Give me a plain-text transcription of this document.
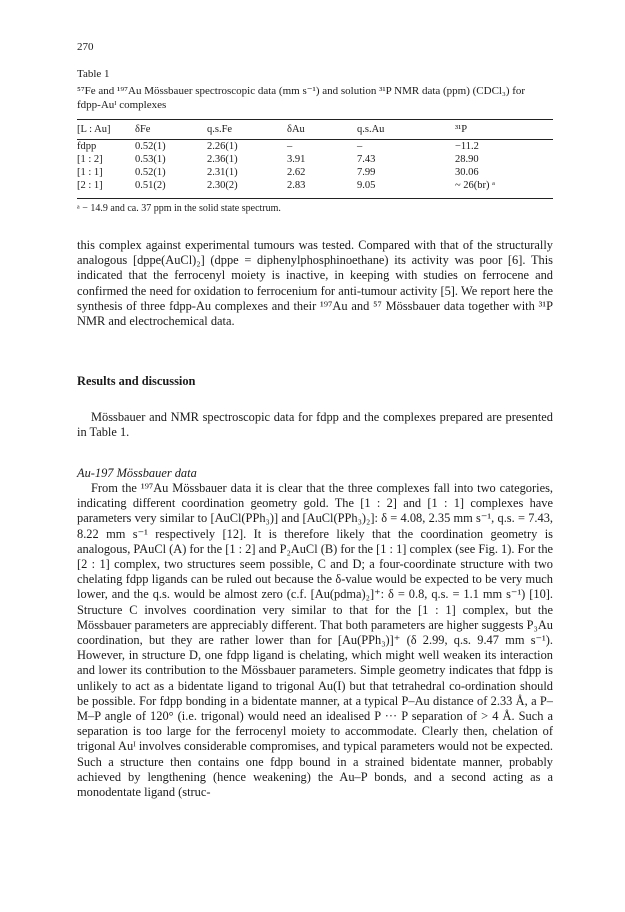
270
Table 1
⁵⁷Fe and ¹⁹⁷Au Mössbauer spectroscopic data (mm s⁻¹) and solution ³¹P NMR data (ppm) (CDCl₃) for fdpp-Auᴵ complexes
[L : Au]	δFe	q.s.Fe	δAu	q.s.Au	³¹P
fdpp	0.52(1)	2.26(1)	–	–	−11.2
[1 : 2]	0.53(1)	2.36(1)	3.91	7.43	28.90
[1 : 1]	0.52(1)	2.31(1)	2.62	7.99	30.06
[2 : 1]	0.51(2)	2.30(2)	2.83	9.05	~ 26(br) ᵃ
ᵃ − 14.9 and ca. 37 ppm in the solid state spectrum.

this complex against experimental tumours was tested. Compared with that of the structurally analogous [dppe(AuCl)₂] (dppe = diphenylphosphinoethane) its activity was poor [6]. This indicated that the ferrocenyl moiety is inactive, in keeping with studies on ferrocene and confirmed the need for oxidation to ferrocenium for anti-tumour activity [5]. We report here the synthesis of three fdpp-Au complexes and their ¹⁹⁷Au and ⁵⁷ Mössbauer data together with ³¹P NMR and electrochemical data.

Results and discussion

Mössbauer and NMR spectroscopic data for fdpp and the complexes prepared are presented in Table 1.

Au-197 Mössbauer data

From the ¹⁹⁷Au Mössbauer data it is clear that the three complexes fall into two categories, indicating different coordination geometry gold. The [1 : 2] and [1 : 1] complexes have parameters very similar to [AuCl(PPh₃)] and [AuCl(PPh₃)₂]: δ = 4.08, 2.35 mm s⁻¹, q.s. = 7.43, 8.22 mm s⁻¹ respectively [12]. It is therefore likely that the coordination geometry is analogous, PAuCl (A) for the [1 : 2] and P₂AuCl (B) for the [1 : 1] complex (see Fig. 1). For the [2 : 1] complex, two structures seem possible, C and D; a four-coordinate structure with two chelating fdpp ligands can be ruled out because the δ-value would be expected to be very much lower, and the q.s. would be almost zero (c.f. [Au(pdma)₂]⁺: δ = 0.8, q.s. = 1.1 mm s⁻¹) [10]. Structure C involves coordination very similar to that for the [1 : 1] complex, but the Mössbauer parameters are appreciably different. That both parameters are higher suggests P₃Au coordination, but they are rather lower than for [Au(PPh₃)]⁺ (δ 2.99, q.s. 9.47 mm s⁻¹). However, in structure D, one fdpp ligand is chelating, which might well weaken its interaction and lower its contribution to the Mössbauer parameters. Simple geometry indicates that fdpp is unlikely to act as a bidentate ligand to trigonal Au(I) but that tetrahedral co-ordination should be possible. For fdpp bonding in a bidentate manner, at a typical P–Au distance of 2.33 Å, a P–M–P angle of 120° (i.e. trigonal) would need an idealised P ··· P separation of > 4 Å. Such a separation is too large for the ferrocenyl moiety to accommodate. Clearly then, chelation of trigonal Auᴵ involves considerable compromises, and typical parameters would not be expected. Such a structure then contains one fdpp bound in a strained bidentate manner, probably achieved by lengthening (hence weakening) the Au–P bonds, and a second acting as a monodentate ligand (struc-
